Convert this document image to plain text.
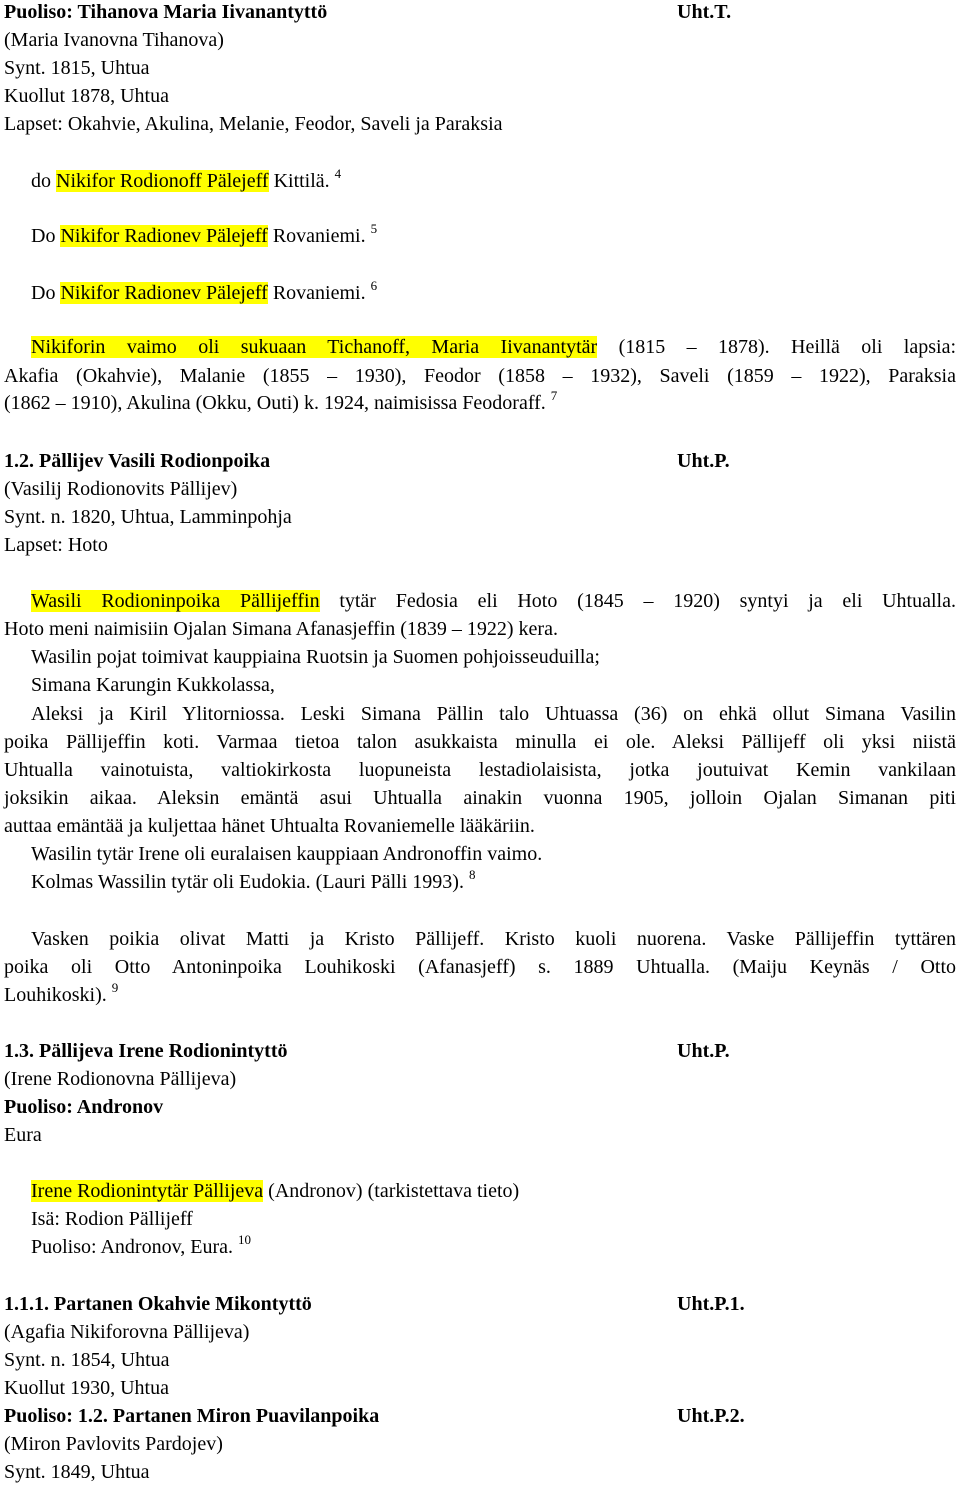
Puoliso: Tihanova Maria Iivanantyttö	Uht.T.
(Maria Ivanovna Tihanova)
Synt. 1815, Uhtua
Kuollut 1878, Uhtua
Lapset: Okahvie, Akulina, Melanie, Feodor, Saveli ja Paraksia
do Nikifor Rodionoff Pälejeff Kittilä. $^4$
Do Nikifor Radionev Pälejeff Rovaniemi. $^5$
Do Nikifor Radionev Pälejeff Rovaniemi. $^6$
Nikiforin vaimo oli sukuaan Tichanoff, Maria Iivanantytär (1815 – 1878). Heillä oli lapsia:
Akafia (Okahvie), Malanie (1855 – 1930), Feodor (1858 – 1932), Saveli (1859 – 1922), Paraksia
(1862 – 1910), Akulina (Okku, Outi) k. 1924, naimisissa Feodoraff. $^7$
1.2. Pällijev Vasili Rodionpoika	Uht.P.
(Vasilij Rodionovits Pällijev)
Synt. n. 1820, Uhtua, Lamminpohja
Lapset: Hoto
Wasili Rodioninpoika Pällijeffin tytär Fedosia eli Hoto (1845 – 1920) syntyi ja eli Uhtualla.
Hoto meni naimisiin Ojalan Simana Afanasjeffin (1839 – 1922) kera.
Wasilin pojat toimivat kauppiaina Ruotsin ja Suomen pohjoisseuduilla;
Simana Karungin Kukkolassa,
Aleksi ja Kiril Ylitorniossa. Leski Simana Pällin talo Uhtuassa (36) on ehkä ollut Simana Vasilin
poika Pällijeffin koti. Varmaa tietoa talon asukkaista minulla ei ole. Aleksi Pällijeff oli yksi niistä
Uhtualla vainotuista, valtiokirkosta luopuneista lestadiolaisista, jotka joutuivat Kemin vankilaan
joksikin aikaa. Aleksin emäntä asui Uhtualla ainakin vuonna 1905, jolloin Ojalan Simanan piti
auttaa emäntää ja kuljettaa hänet Uhtualta Rovaniemelle lääkäriin.
Wasilin tytär Irene oli euralaisen kauppiaan Andronoffin vaimo.
Kolmas Wassilin tytär oli Eudokia. (Lauri Pälli 1993). $^8$
Vasken poikia olivat Matti ja Kristo Pällijeff. Kristo kuoli nuorena. Vaske Pällijeffin tyttären
poika oli Otto Antoninpoika Louhikoski (Afanasjeff) s. 1889 Uhtualla. (Maiju Keynäs / Otto
Louhikoski). $^9$
1.3. Pällijeva Irene Rodionintyttö	Uht.P.
(Irene Rodionovna Pällijeva)
Puoliso: Andronov
Eura
Irene Rodionintytär Pällijeva (Andronov) (tarkistettava tieto)
Isä: Rodion Pällijeff
Puoliso: Andronov, Eura. $^{10}$
1.1.1. Partanen Okahvie Mikontyttö	Uht.P.1.
(Agafia Nikiforovna Pällijeva)
Synt. n. 1854, Uhtua
Kuollut 1930, Uhtua
Puoliso: 1.2. Partanen Miron Puavilanpoika	Uht.P.2.
(Miron Pavlovits Pardojev)
Synt. 1849, Uhtua
